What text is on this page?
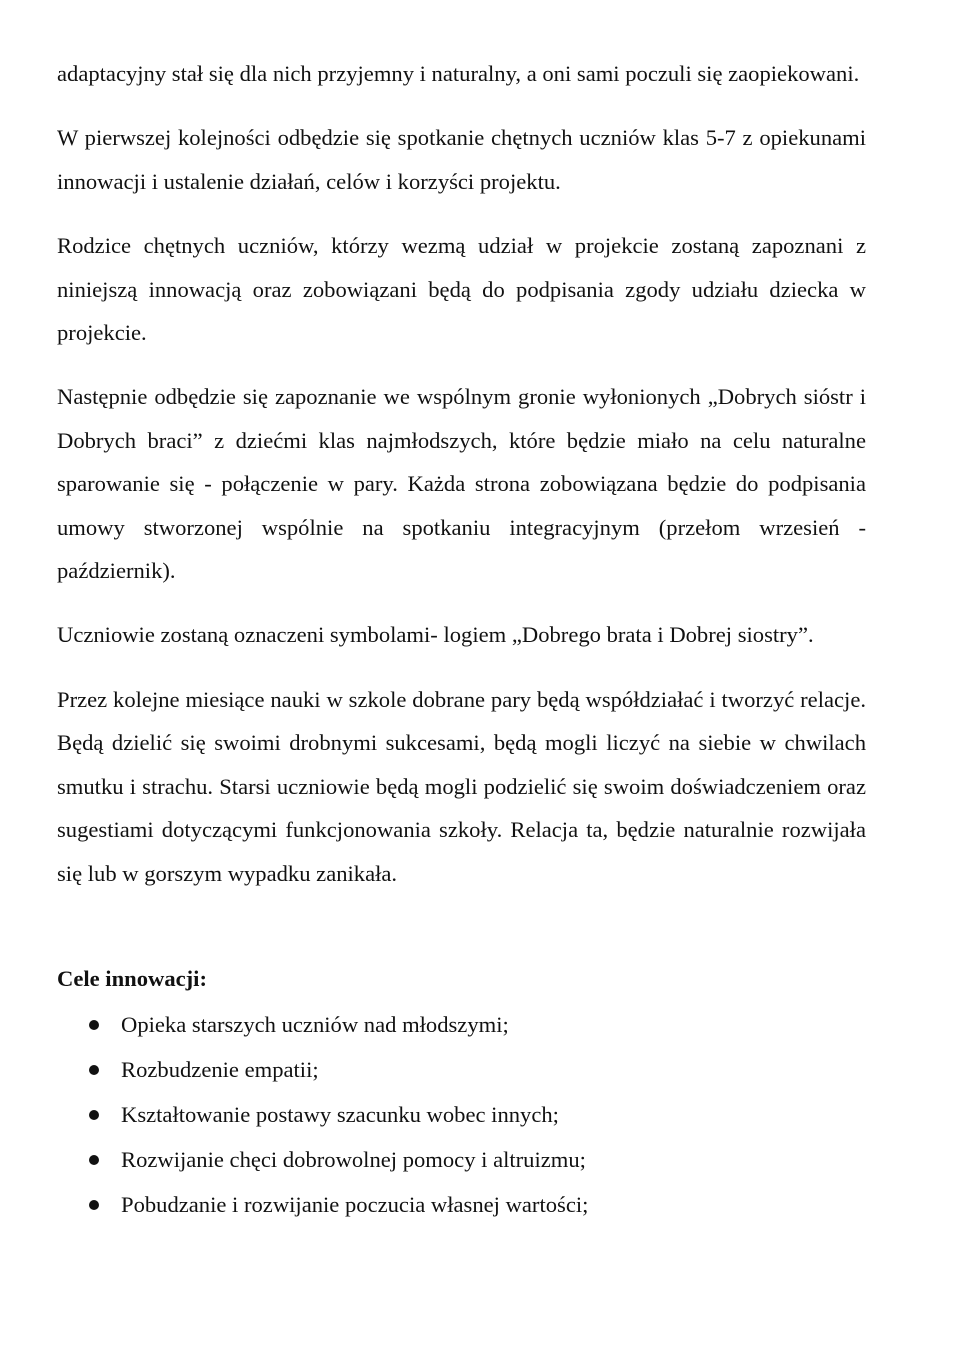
adaptacyjny stał się dla nich przyjemny i naturalny, a oni sami poczuli się zaopiekowani.

W pierwszej kolejności odbędzie się spotkanie chętnych uczniów klas 5-7 z opiekunami innowacji i ustalenie działań, celów i korzyści projektu.

Rodzice chętnych uczniów, którzy wezmą udział w projekcie zostaną zapoznani z niniejszą innowacją oraz zobowiązani będą do podpisania zgody udziału dziecka w projekcie.

Następnie odbędzie się zapoznanie we wspólnym gronie wyłonionych „Dobrych sióstr i Dobrych braci” z dziećmi klas najmłodszych, które będzie miało na celu naturalne sparowanie się - połączenie w pary. Każda strona zobowiązana będzie do podpisania umowy stworzonej wspólnie na spotkaniu integracyjnym (przełom wrzesień - październik).

Uczniowie zostaną oznaczeni symbolami- logiem „Dobrego brata i Dobrej siostry”.

Przez kolejne miesiące nauki w szkole dobrane pary będą współdziałać i tworzyć relacje. Będą dzielić się swoimi drobnymi sukcesami, będą mogli liczyć na siebie w chwilach smutku i strachu. Starsi uczniowie będą mogli podzielić się swoim doświadczeniem oraz sugestiami dotyczącymi funkcjonowania szkoły. Relacja ta, będzie naturalnie rozwijała się lub w gorszym wypadku zanikała.

Cele innowacji:
Opieka starszych uczniów nad młodszymi;
Rozbudzenie empatii;
Kształtowanie postawy szacunku wobec innych;
Rozwijanie chęci dobrowolnej pomocy i altruizmu;
Pobudzanie i rozwijanie poczucia własnej wartości;
